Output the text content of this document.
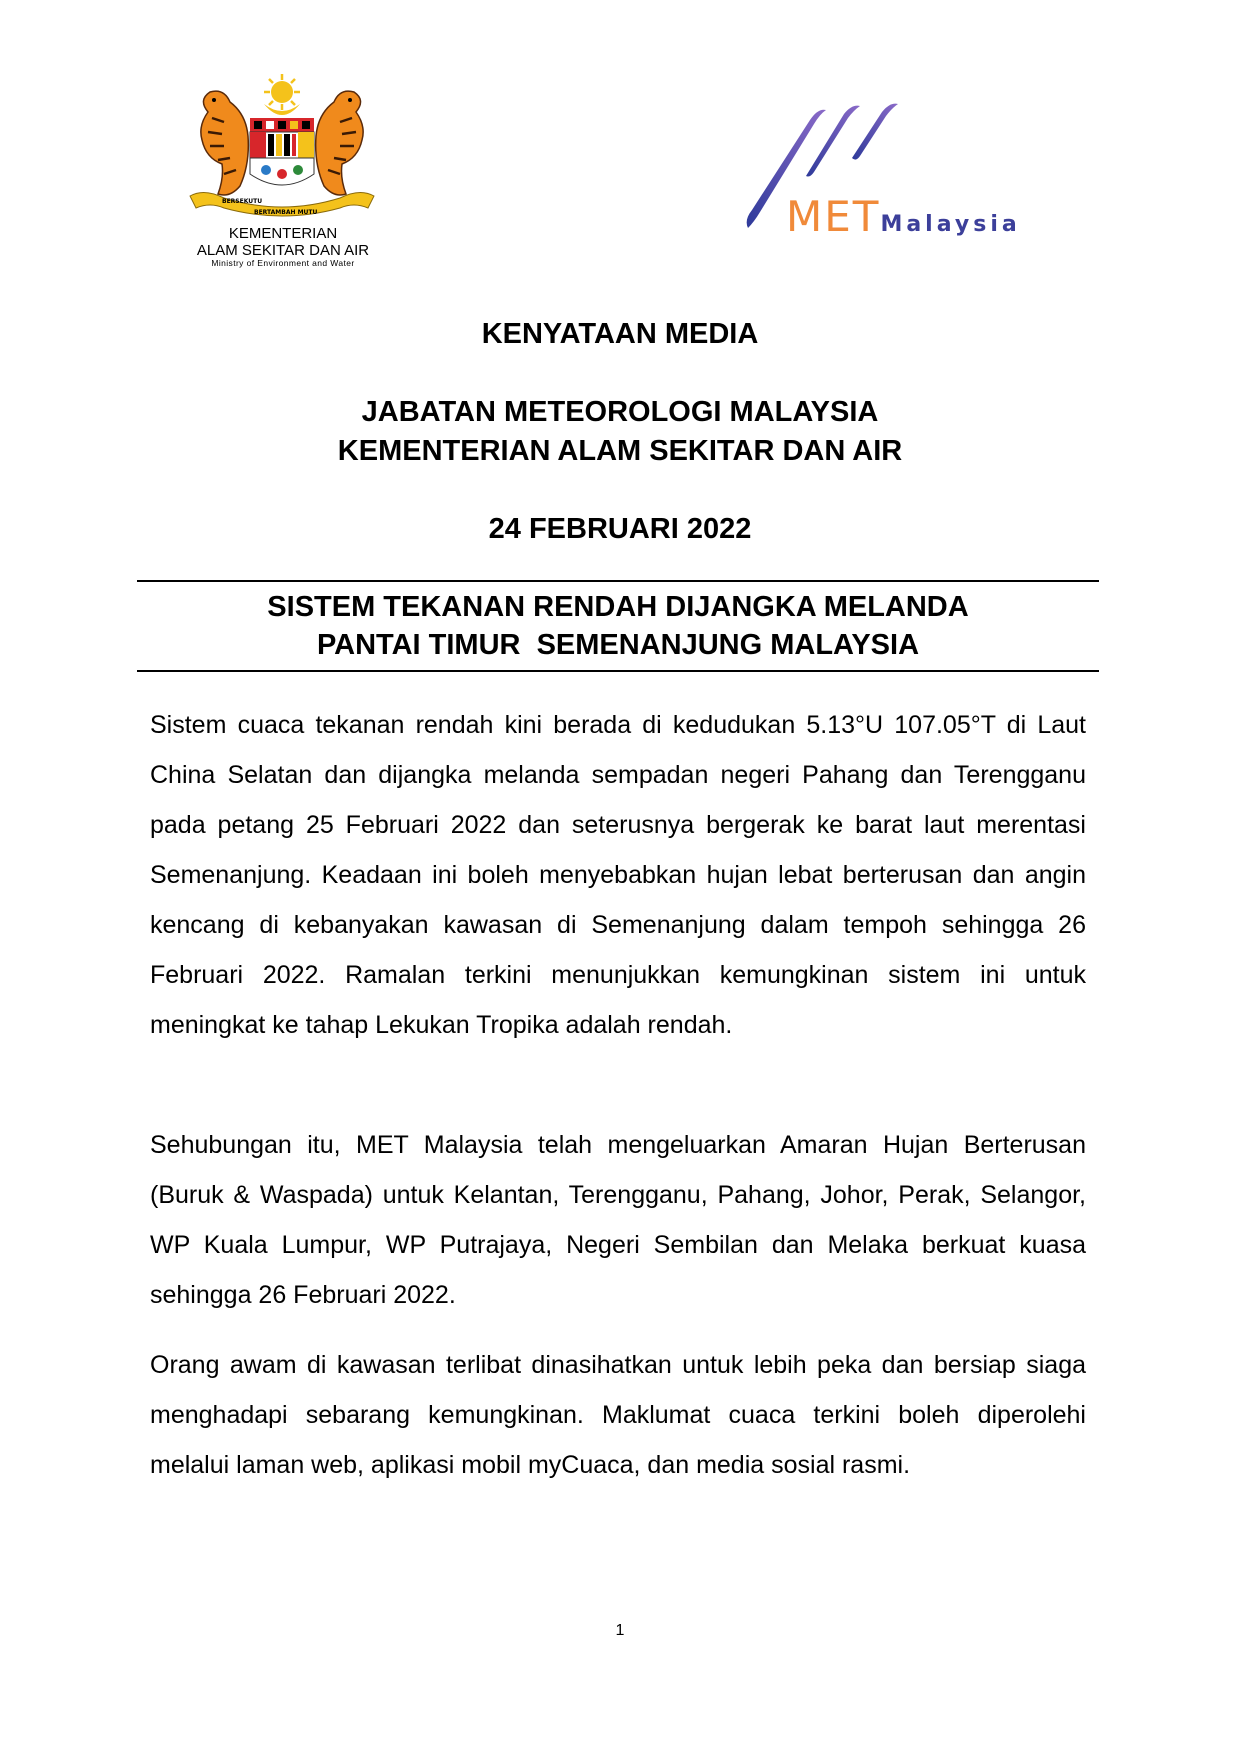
BERSEKUTU
BERTAMBAH MUTU
KEMENTERIAN
ALAM SEKITAR DAN AIR
Ministry of Environment and Water
METMalaysia
KENYATAAN MEDIA
JABATAN METEOROLOGI MALAYSIA
KEMENTERIAN ALAM SEKITAR DAN AIR
24 FEBRUARI 2022
SISTEM TEKANAN RENDAH DIJANGKA MELANDA
PANTAI TIMUR  SEMENANJUNG MALAYSIA
Sistem cuaca tekanan rendah kini berada di kedudukan 5.13°U 107.05°T di Laut China Selatan dan dijangka melanda sempadan negeri Pahang dan Terengganu pada petang 25 Februari 2022 dan seterusnya bergerak ke barat laut merentasi Semenanjung. Keadaan ini boleh menyebabkan hujan lebat berterusan dan angin kencang di kebanyakan kawasan di Semenanjung dalam tempoh sehingga 26 Februari 2022. Ramalan terkini menunjukkan kemungkinan sistem ini untuk meningkat ke tahap Lekukan Tropika adalah rendah.
Sehubungan itu, MET Malaysia telah mengeluarkan Amaran Hujan Berterusan (Buruk & Waspada) untuk Kelantan, Terengganu, Pahang, Johor, Perak, Selangor, WP Kuala Lumpur, WP Putrajaya, Negeri Sembilan dan Melaka berkuat kuasa sehingga 26 Februari 2022.
Orang awam di kawasan terlibat dinasihatkan untuk lebih peka dan bersiap siaga menghadapi sebarang kemungkinan. Maklumat cuaca terkini boleh diperolehi melalui laman web, aplikasi mobil myCuaca, dan media sosial rasmi.
1
